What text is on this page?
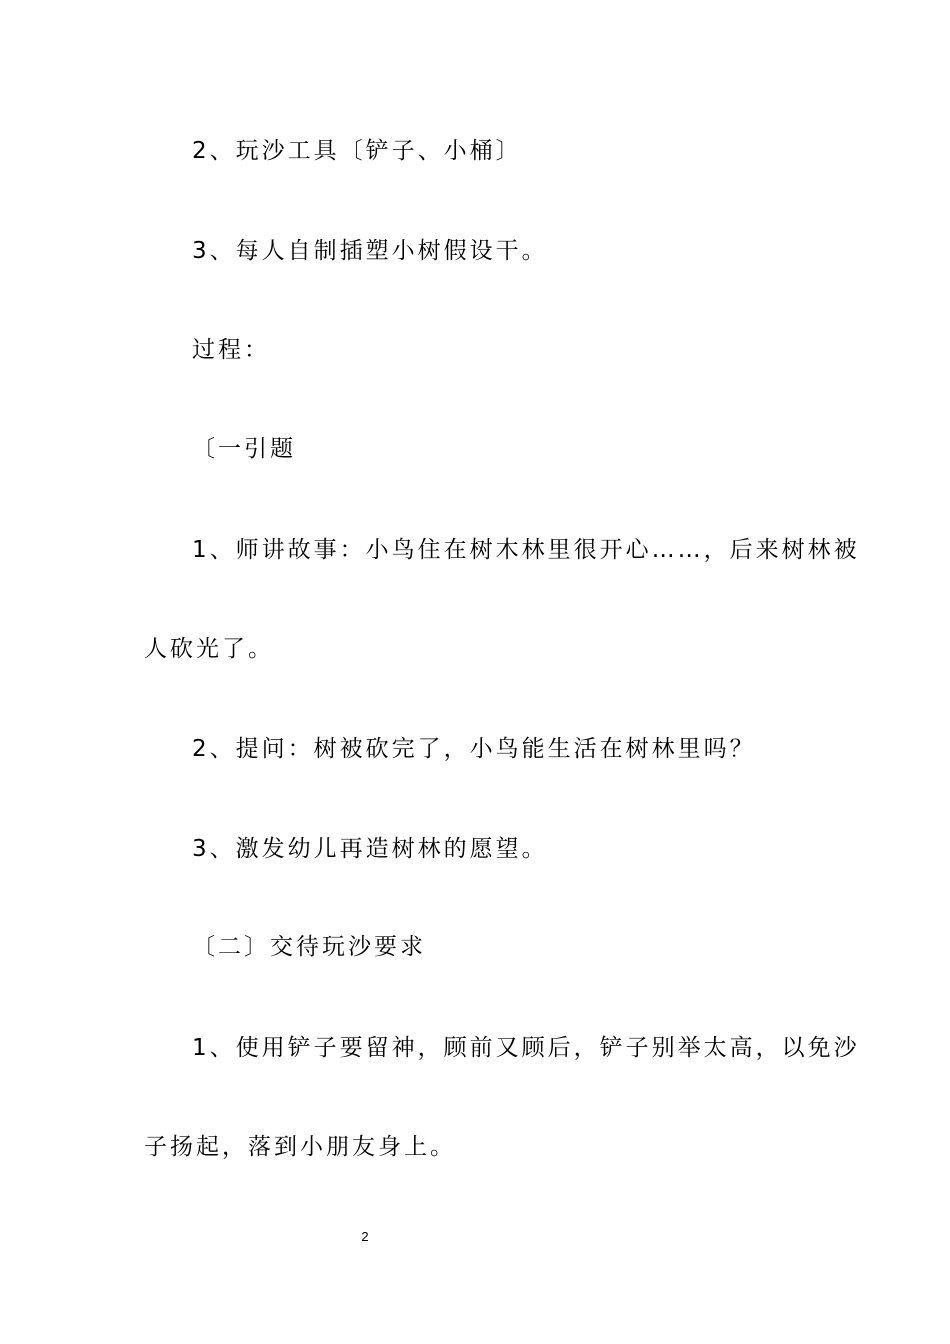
2、玩沙工具〔铲子、小桶〕
3、每人自制插塑小树假设干。
过程：
〔一引题
1、师讲故事：小鸟住在树木林里很开心……，后来树林被
人砍光了。
2、提问：树被砍完了，小鸟能生活在树林里吗？
3、激发幼儿再造树林的愿望。
〔二〕交待玩沙要求
1、使用铲子要留神，顾前又顾后，铲子别举太高，以免沙
子扬起，落到小朋友身上。
2
